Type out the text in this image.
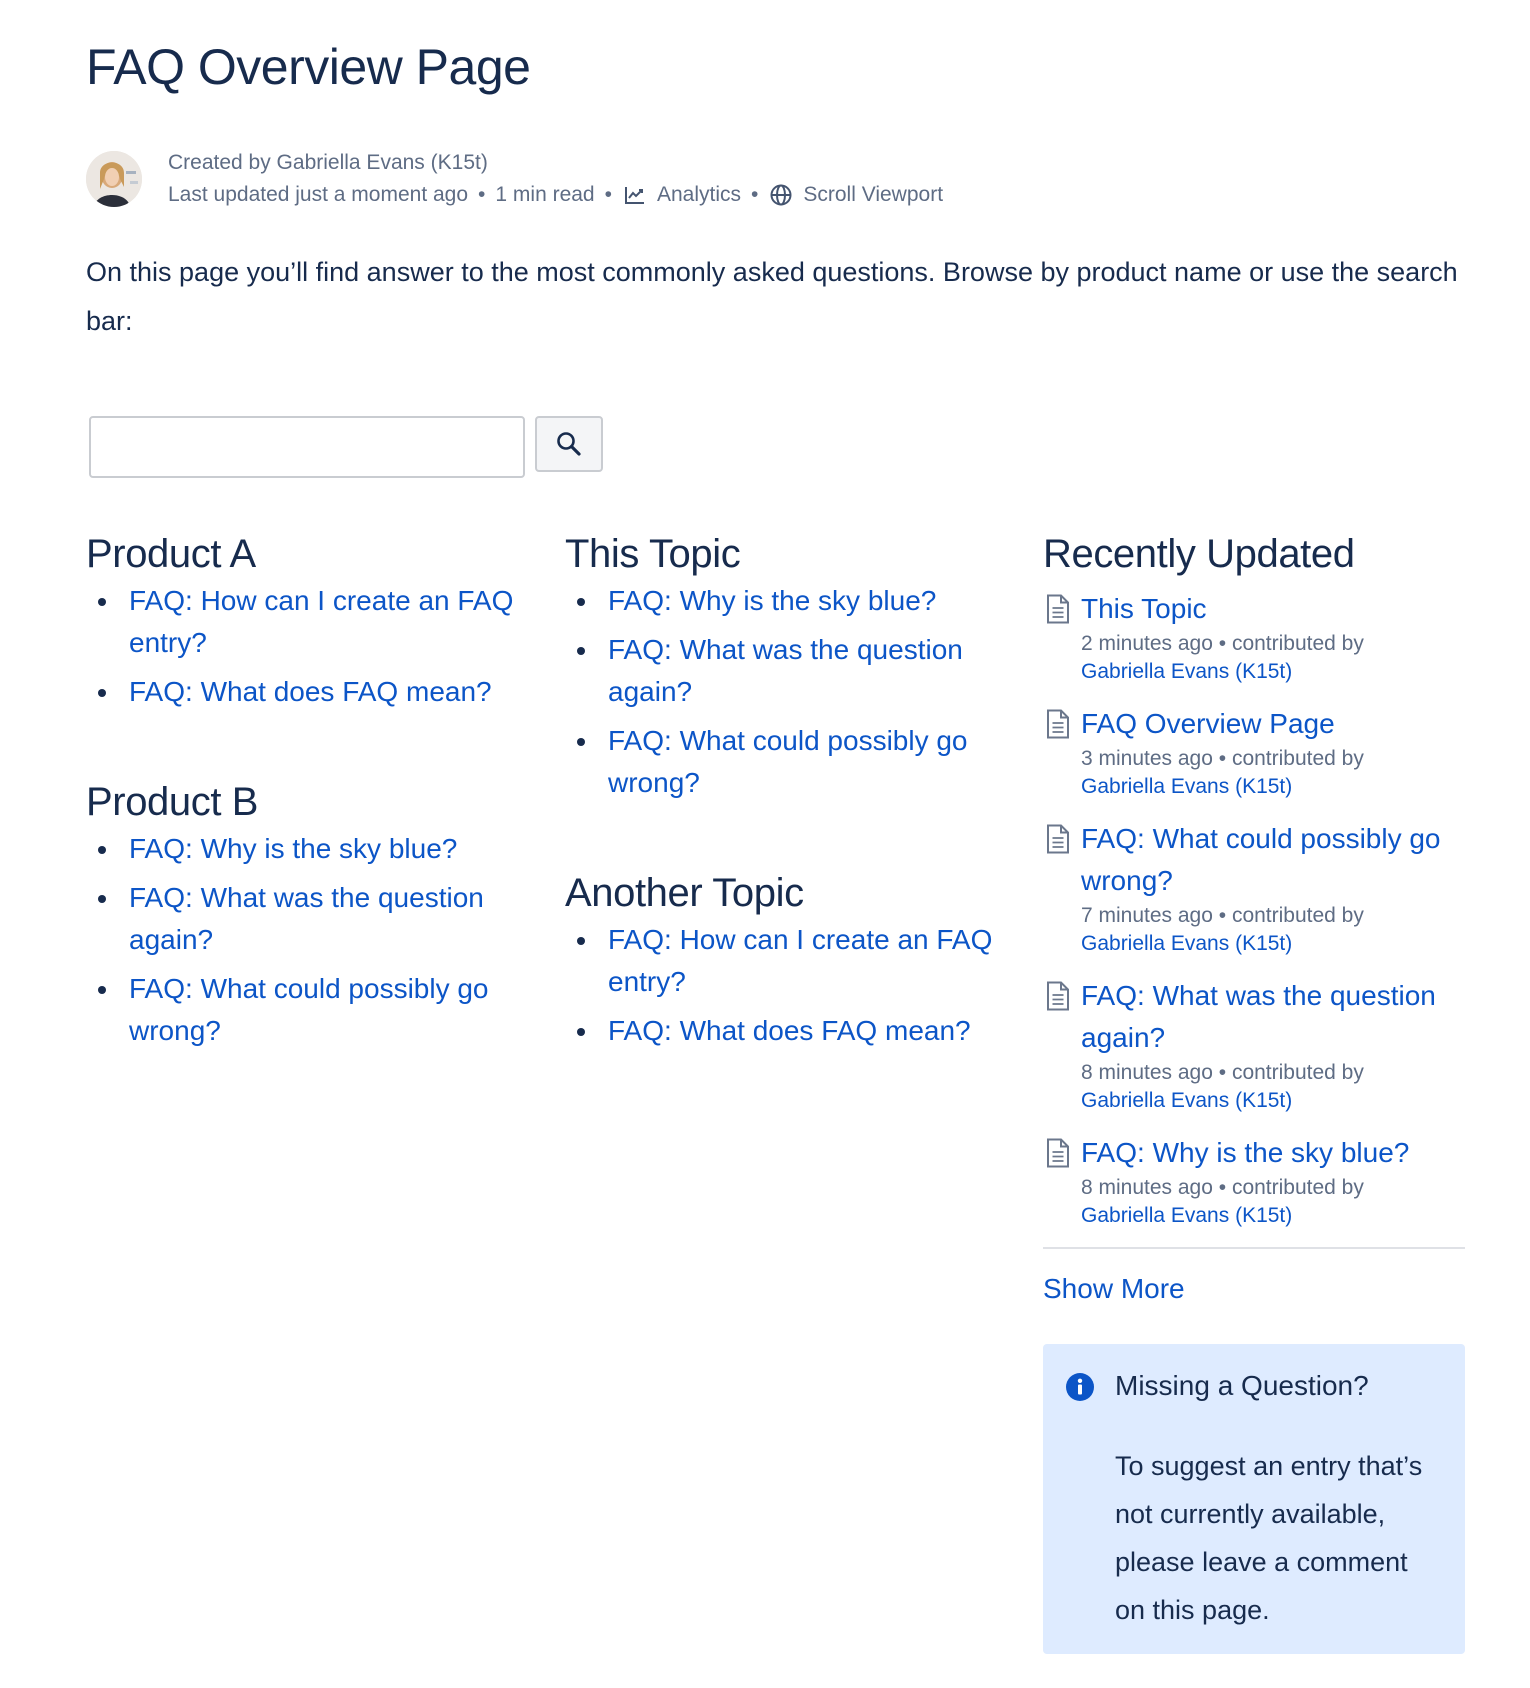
FAQ Overview Page
Created by Gabriella Evans (K15t)
Last updated just a moment ago • 1 min read • Analytics • Scroll Viewport

On this page you’ll find answer to the most commonly asked questions. Browse by product name or use the search bar:

Product A
FAQ: How can I create an FAQ entry?
FAQ: What does FAQ mean?
Product B
FAQ: Why is the sky blue?
FAQ: What was the question again?
FAQ: What could possibly go wrong?
This Topic
FAQ: Why is the sky blue?
FAQ: What was the question again?
FAQ: What could possibly go wrong?
Another Topic
FAQ: How can I create an FAQ entry?
FAQ: What does FAQ mean?
Recently Updated
This Topic
2 minutes ago • contributed by
Gabriella Evans (K15t)
FAQ Overview Page
3 minutes ago • contributed by
Gabriella Evans (K15t)
FAQ: What could possibly go wrong?
7 minutes ago • contributed by
Gabriella Evans (K15t)
FAQ: What was the question again?
8 minutes ago • contributed by
Gabriella Evans (K15t)
FAQ: Why is the sky blue?
8 minutes ago • contributed by
Gabriella Evans (K15t)
Show More
Missing a Question?
To suggest an entry that’s not currently available, please leave a comment on this page.
